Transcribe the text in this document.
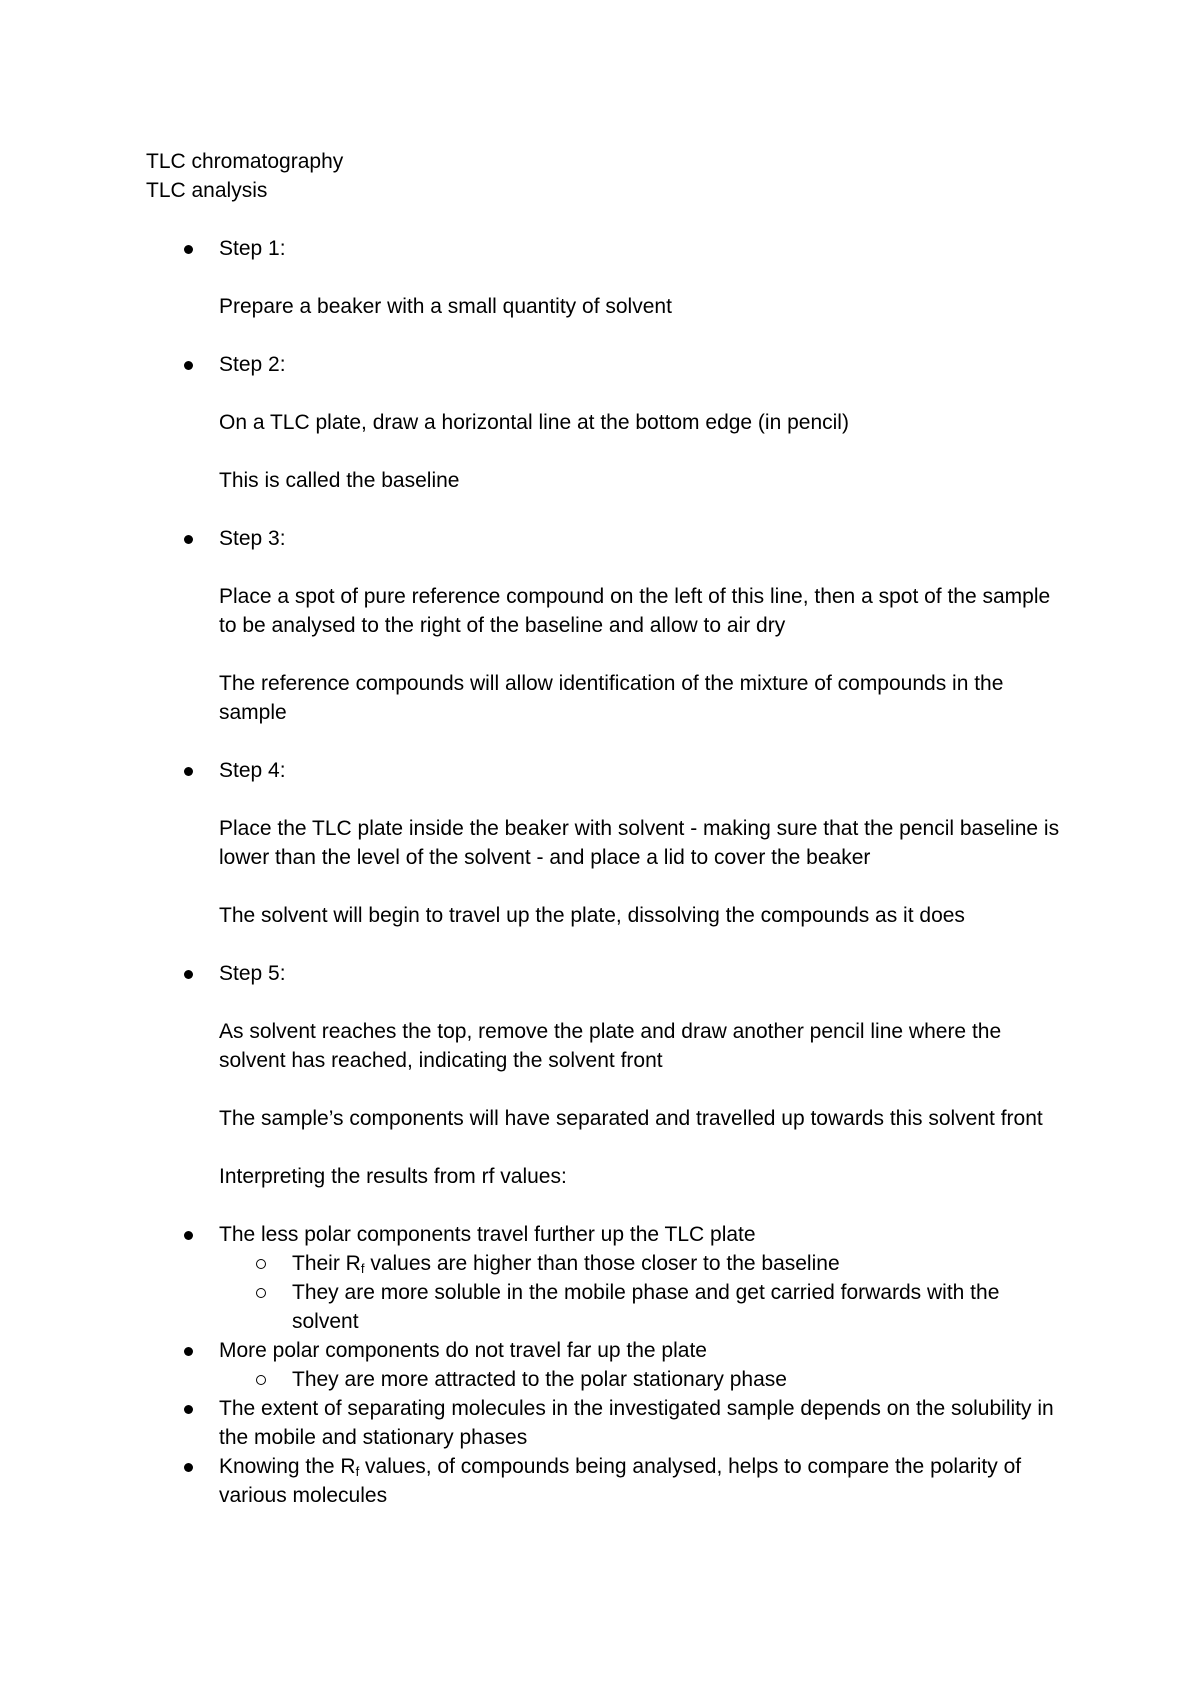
TLC chromatography

TLC analysis

Step 1:
Prepare a beaker with a small quantity of solvent
Step 2:
On a TLC plate, draw a horizontal line at the bottom edge (in pencil)
This is called the baseline
Step 3:
Place a spot of pure reference compound on the left of this line, then a spot of the sample to be analysed to the right of the baseline and allow to air dry
The reference compounds will allow identification of the mixture of compounds in the sample
Step 4:
Place the TLC plate inside the beaker with solvent - making sure that the pencil baseline is lower than the level of the solvent - and place a lid to cover the beaker
The solvent will begin to travel up the plate, dissolving the compounds as it does
Step 5:
As solvent reaches the top, remove the plate and draw another pencil line where the solvent has reached, indicating the solvent front
The sample’s components will have separated and travelled up towards this solvent front
Interpreting the results from rf values:
The less polar components travel further up the TLC plate
Their $R_f$ values are higher than those closer to the baseline
They are more soluble in the mobile phase and get carried forwards with the solvent
More polar components do not travel far up the plate
They are more attracted to the polar stationary phase
The extent of separating molecules in the investigated sample depends on the solubility in the mobile and stationary phases
Knowing the $R_f$ values, of compounds being analysed, helps to compare the polarity of various molecules
